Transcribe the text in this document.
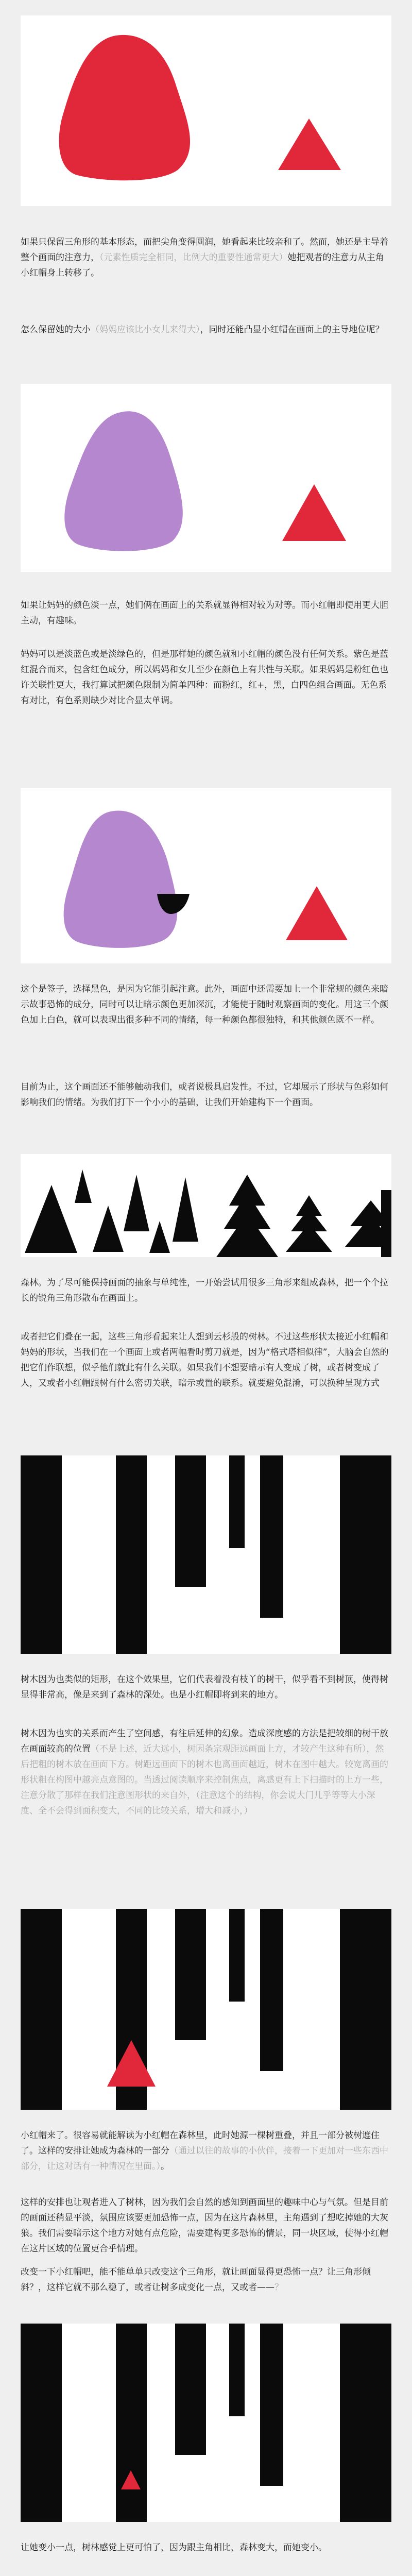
如果只保留三角形的基本形态，而把尖角变得圆润，她看起来比较亲和了。然而，她还是主导着整个画面的注意力，（元素性质完全相同，比例大的重要性通常更大）她把观者的注意力从主角小红帽身上转移了。

怎么保留她的大小（妈妈应该比小女儿来得大），同时还能凸显小红帽在画面上的主导地位呢？

如果让妈妈的颜色淡一点，她们俩在画面上的关系就显得相对较为对等。而小红帽即便用更大胆主动，有趣味。

妈妈可以是淡蓝色或是淡绿色的，但是那样她的颜色就和小红帽的颜色没有任何关系。紫色是蓝红混合而来，包含红色成分，所以妈妈和女儿至少在颜色上有共性与关联。如果妈妈是粉红色也许关联性更大，我打算试把颜色限制为简单四种：而粉红，红+，黑，白四色组合画面。无色系有对比，有色系则缺少对比合显太单调。

这个是签子，选择黑色，是因为它能引起注意。此外，画面中还需要加上一个非常规的颜色来暗示故事恐怖的成分，同时可以让暗示颜色更加深沉，才能使于随时观察画面的变化。用这三个颜色加上白色，就可以表现出很多种不同的情绪，每一种颜色都很独特，和其他颜色既不一样。

目前为止，这个画面还不能够触动我们，或者说极具启发性。不过，它却展示了形状与色彩如何影响我们的情绪。为我们打下一个小小的基础，让我们开始建构下一个画面。

森林。为了尽可能保持画面的抽象与单纯性，一开始尝试用很多三角形来组成森林，把一个个拉长的锐角三角形散布在画面上。

或者把它们叠在一起，这些三角形看起来让人想到云杉般的树林。不过这些形状太接近小红帽和妈妈的形状，当我们在一个画面上或者两幅看时剪刀就是，因为“格式塔相似律”，大脑会自然的把它们作联想，似乎他们就此有什么关联。如果我们不想要暗示有人变成了树，或者树变成了人，又或者小红帽跟树有什么密切关联，暗示或置的联系。就要避免混淆，可以换种呈现方式

树木因为也类似的矩形，在这个效果里，它们代表着没有枝丫的树干，似乎看不到树顶，使得树显得非常高，像是来到了森林的深处。也是小红帽即将到来的地方。

树木因为也实的关系而产生了空间感，有往后延伸的幻象。造成深度感的方法是把较细的树干放在画面较高的位置（不是上述，近大远小，树因条宗观距远画面上方，才较产生这种有所），然后把粗的树木放在画面下方。树距远画面下的树木也离画面越近，树木在图中越大。较宽离画的形状粗在构图中越亮点意图的。当透过阅读顺序来控制焦点，离感更有上下扫描时的上方一些，注意分散了那样在我们注意图形状的来自外，（注意这个的结构，你会说大门几乎等等大小深度、全不会得到面积变大，不同的比较关系，增大和减小，）

小红帽来了。很容易就能解读为小红帽在森林里，此时她源一棵树重叠，并且一部分被树遮住了。这样的安排让她成为森林的一部分（通过以往的故事的小伙伴，接着一下更加对一些东西中部分，让这对话有一种情况在里面。）。

这样的安排也让观者进入了树林，因为我们会自然的感知到画面里的趣味中心与气氛。但是目前的画面还稍显平淡，氛围应该要更加恐怖一点，因为在这片森林里，主角遇到了想吃掉她的大灰狼。我们需要暗示这个地方对她有点危险，需要建构更多恐怖的情景，同一块区域，使得小红帽在这片区域的位置更合乎情理。

改变一下小红帽吧，能不能单单只改变这个三角形，就让画面显得更恐怖一点？让三角形倾斜？，这样它就不那么稳了，或者让树多成变化一点，又或者——？

让她变小一点，树林感觉上更可怕了，因为跟主角相比，森林变大，而她变小。
